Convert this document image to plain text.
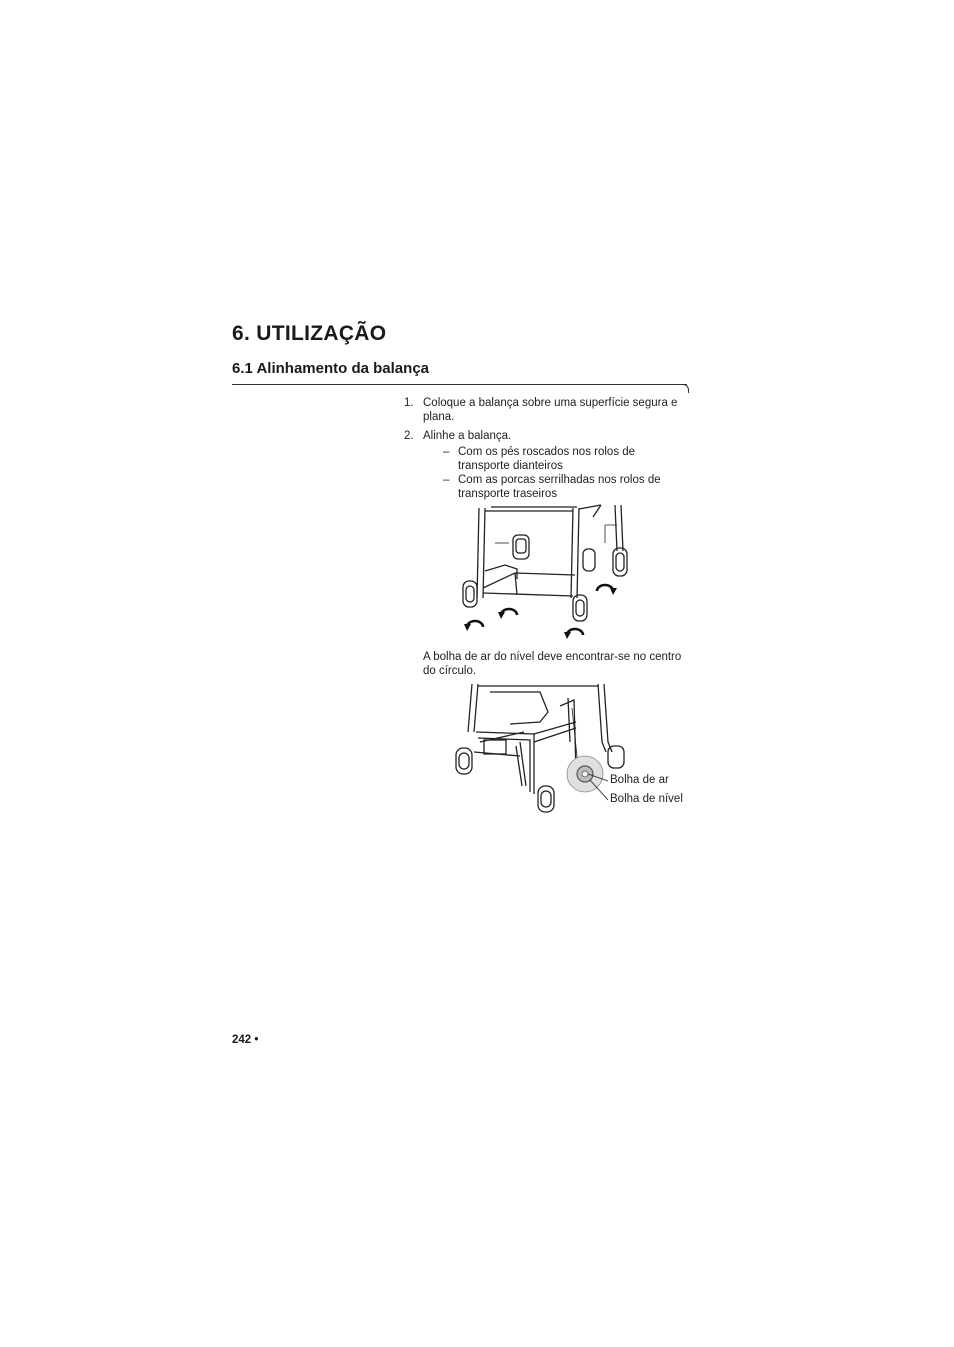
6. UTILIZAÇÃO
6.1 Alinhamento da balança
1. Coloque a balança sobre uma superfície segura e plana.
2. Alinhe a balança.
– Com os pés roscados nos rolos de transporte dianteiros
– Com as porcas serrilhadas nos rolos de transporte traseiros
A bolha de ar do nível deve encontrar-se no centro do círculo.
Bolha de ar
Bolha de nível
242 •
